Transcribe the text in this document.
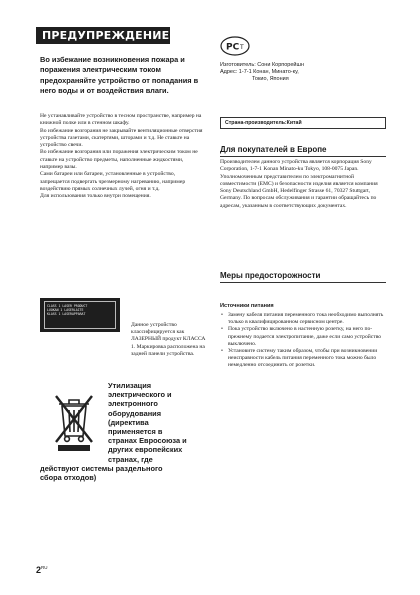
ПРЕДУПРЕЖДЕНИЕ
Во избежание возникновения пожара и поражения электрическим током предохраняйте устройство от попадания в него воды и от воздействия влаги.
Не устанавливайте устройство в тесном пространстве, например на книжной полке или в стенном шкафу.
Во избежание возгорания не закрывайте вентиляционные отверстия устройства газетами, скатертями, шторами и т.д. Не ставьте на устройство свечи.
Во избежание возгорания или поражения электрическим током не ставьте на устройство предметы, наполненные жидкостями, например вазы.
Сами батареи или батареи, установленные в устройство, запрещается подвергать чрезмерному нагреванию, например воздействию прямых солнечных лучей, огня и т.д.
Для использования только внутри помещения.
CLASS 1 LASER PRODUCT
LUOKAN 1 LASERLAITE
KLASS 1 LASERAPPARAT
Данное устройство классифицируется как ЛАЗЕРНЫЙ продукт КЛАССА 1. Маркировка расположена на задней панели устройства.
Утилизация
электрического и
электронного
оборудования
(директива
применяется в
странах Евросоюза и
других европейских
странах, где
действуют системы раздельного
сбора отходов)
РС T
Изготовитель: Сони Корпорейшн
Адрес: 1-7-1 Конан, Минато-ку,
Токио, Япония
Страна-производитель:Китай
Для покупателей в Европе
Производителем данного устройства является корпорация Sony Corporation, 1-7-1 Konan Minato-ku Tokyo, 108-0075 Japan. Уполномоченным представителем по электромагнитной совместимости (EMC) и безопасности изделия является компания Sony Deutschland GmbH, Hedelfinger Strasse 61, 70327 Stuttgart, Germany. По вопросам обслуживания и гарантии обращайтесь по адресам, указанным в соответствующих документах.
Меры предосторожности
Источники питания
• Замену кабеля питания переменного тока необходимо выполнять только в квалифицированном сервисном центре.
• Пока устройство включено в настенную розетку, на него по-прежнему подается электропитание, даже если само устройство выключено.
• Установите систему таким образом, чтобы при возникновении неисправности кабель питания переменного тока можно было немедленно отсоединить от розетки.
$2^{RU}$
